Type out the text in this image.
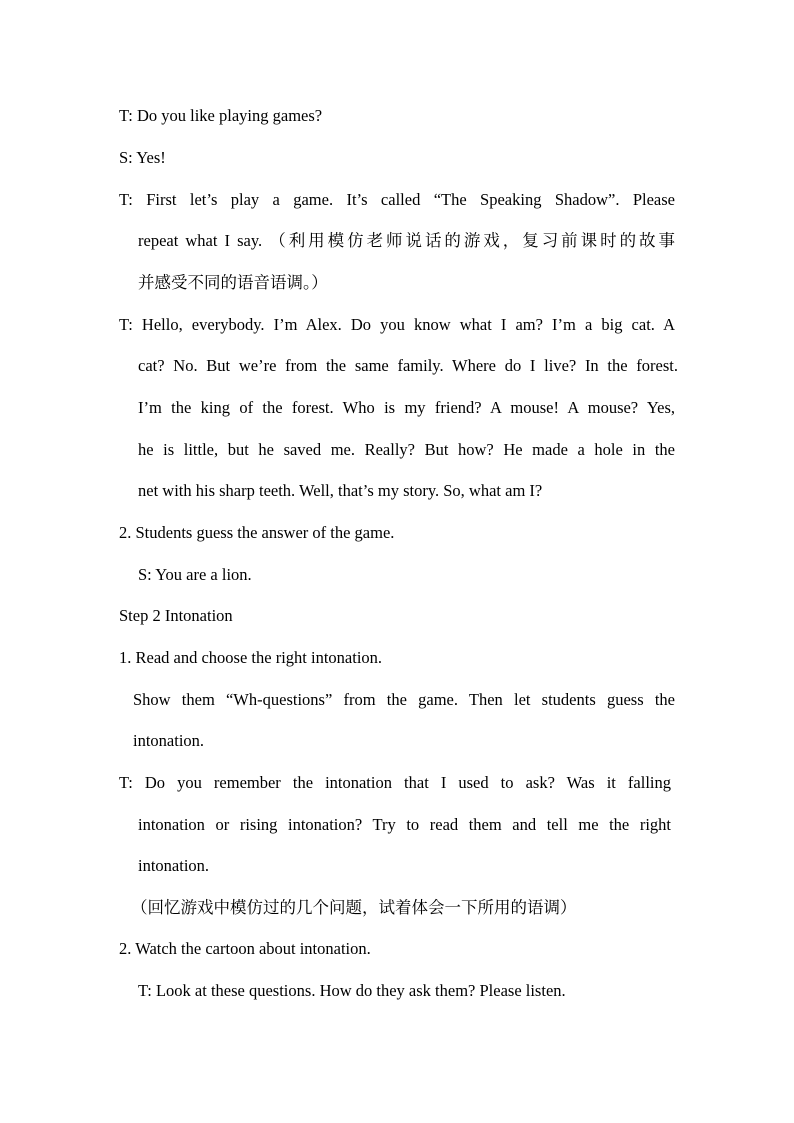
T: Do you like playing games?
S: Yes!
T: First let’s play a game. It’s called “The Speaking Shadow”. Please
repeat what I say. （利用模仿老师说话的游戏，复习前课时的故事
并感受不同的语音语调。）
T: Hello, everybody. I’m Alex. Do you know what I am? I’m a big cat. A
cat? No. But we’re from the same family. Where do I live? In the forest.
I’m the king of the forest. Who is my friend? A mouse! A mouse? Yes,
he is little, but he saved me. Really? But how? He made a hole in the
net with his sharp teeth. Well, that’s my story. So, what am I?
2. Students guess the answer of the game.
S: You are a lion.
Step 2 Intonation
1. Read and choose the right intonation.
Show them “Wh-questions” from the game. Then let students guess the
intonation.
T: Do you remember the intonation that I used to ask? Was it falling
intonation or rising intonation? Try to read them and tell me the right
intonation.
（回忆游戏中模仿过的几个问题，试着体会一下所用的语调）
2. Watch the cartoon about intonation.
T: Look at these questions. How do they ask them? Please listen.
